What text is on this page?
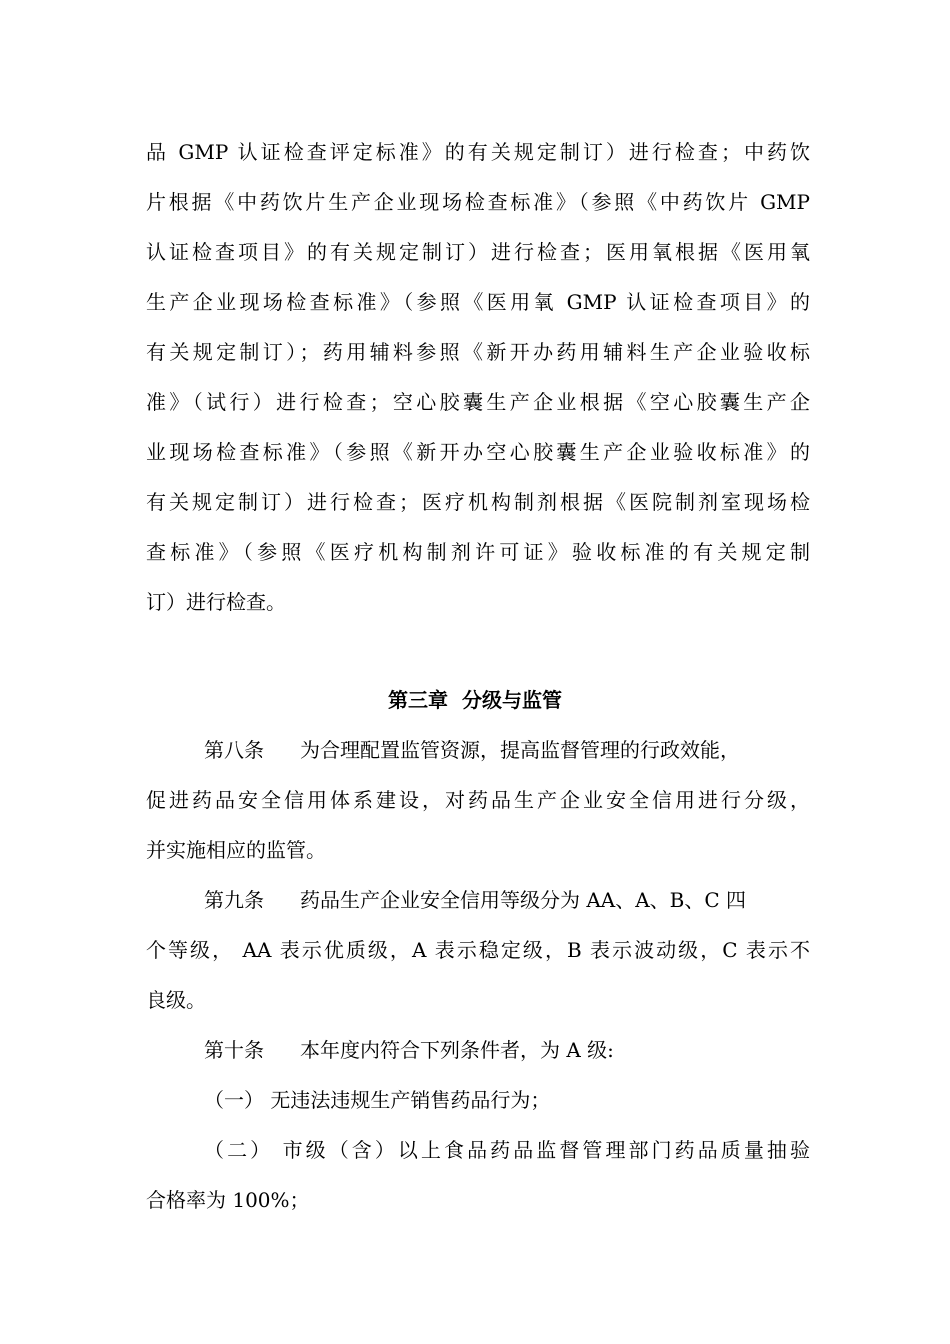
品 GMP 认证检查评定标准》的有关规定制订）进行检查；中药饮
片根据《中药饮片生产企业现场检查标准》（参照《中药饮片 GMP
认证检查项目》的有关规定制订）进行检查；医用氧根据《医用氧
生产企业现场检查标准》（参照《医用氧 GMP 认证检查项目》的
有关规定制订）；药用辅料参照《新开办药用辅料生产企业验收标
准》（试行）进行检查；空心胶囊生产企业根据《空心胶囊生产企
业现场检查标准》（参照《新开办空心胶囊生产企业验收标准》的
有关规定制订）进行检查；医疗机构制剂根据《医院制剂室现场检
查标准》（参照《医疗机构制剂许可证》验收标准的有关规定制
订）进行检查。
第三章  分级与监管
第八条 为合理配置监管资源，提高监督管理的行政效能，
促进药品安全信用体系建设，对药品生产企业安全信用进行分级，
并实施相应的监管。
第九条 药品生产企业安全信用等级分为 AA、A、B、C 四
个等级， AA 表示优质级，A 表示稳定级，B 表示波动级，C 表示不
良级。
第十条 本年度内符合下列条件者，为 A 级:
（一） 无违法违规生产销售药品行为；
（二） 市级（含）以上食品药品监督管理部门药品质量抽验
合格率为 100%；
